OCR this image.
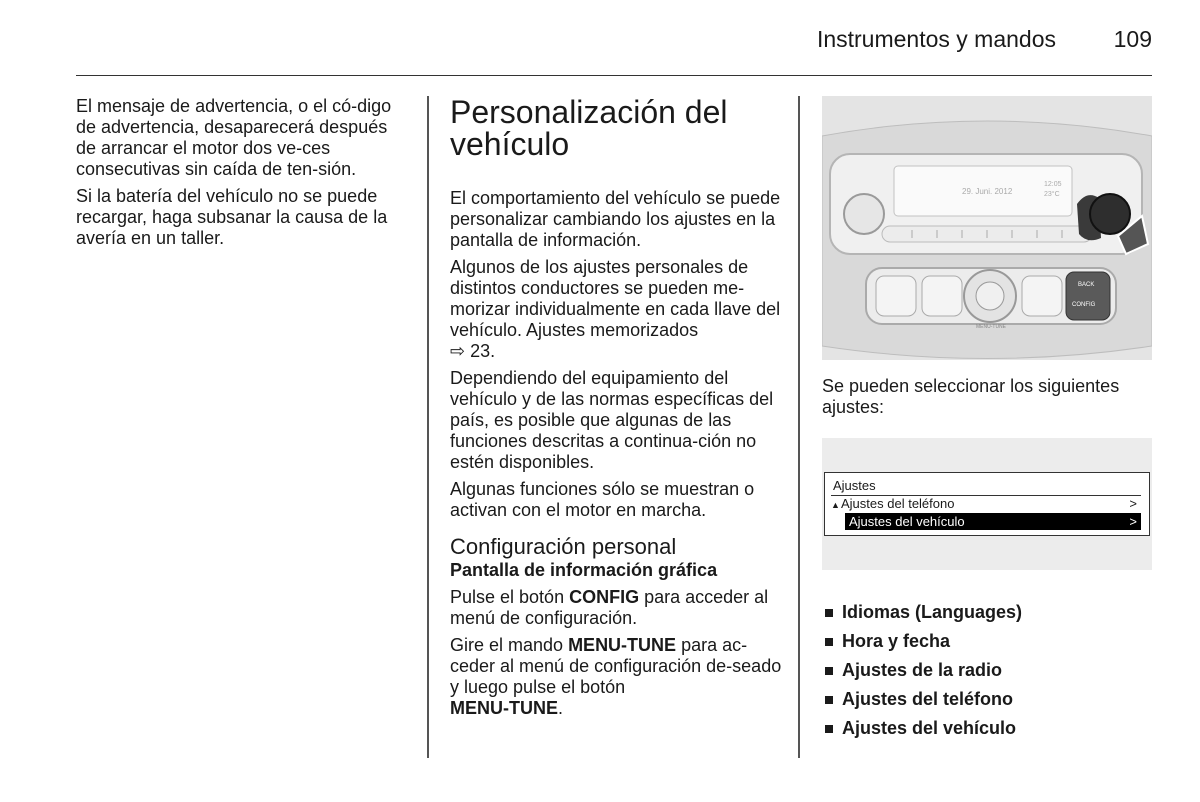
Instrumentos y mandos	109

El mensaje de advertencia, o el có-digo de advertencia, desaparecerá después de arrancar el motor dos ve-ces consecutivas sin caída de ten-sión.

Si la batería del vehículo no se puede recargar, haga subsanar la causa de la avería en un taller.

Personalización del vehículo

El comportamiento del vehículo se puede personalizar cambiando los ajustes en la pantalla de información.

Algunos de los ajustes personales de distintos conductores se pueden me-morizar individualmente en cada llave del vehículo. Ajustes memorizados
⇨ 23.

Dependiendo del equipamiento del vehículo y de las normas específicas del país, es posible que algunas de las funciones descritas a continua-ción no estén disponibles.

Algunas funciones sólo se muestran o activan con el motor en marcha.

Configuración personal
Pantalla de información gráfica

Pulse el botón CONFIG para acceder al menú de configuración.

Gire el mando MENU-TUNE para ac-ceder al menú de configuración de-seado y luego pulse el botón
MENU-TUNE.

29. Juni. 2012
12:05
23°C
BACK
CONFIG
MENU-TUNE

Se pueden seleccionar los siguientes ajustes:

Ajustes
▲Ajustes del teléfono	>
Ajustes del vehículo	>
Idiomas (Languages)
Hora y fecha
Ajustes de la radio
Ajustes del teléfono
Ajustes del vehículo
